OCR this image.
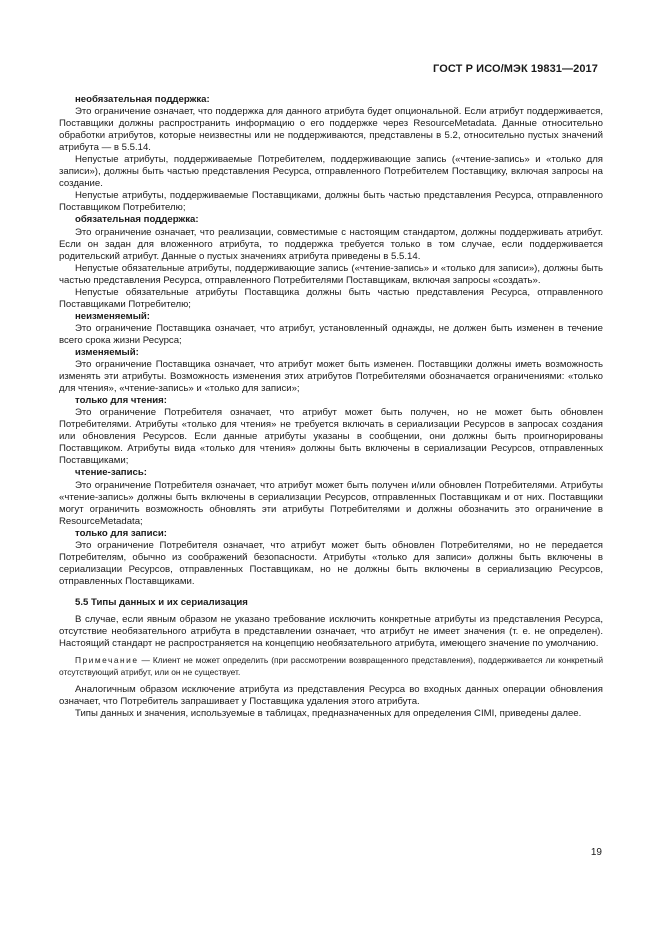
ГОСТ Р ИСО/МЭК 19831—2017

необязательная поддержка:

Это ограничение означает, что поддержка для данного атрибута будет опциональной. Если атрибут поддерживается, Поставщики должны распространить информацию о его поддержке через ResourceMetadata. Данные относительно обработки атрибутов, которые неизвестны или не поддерживаются, представлены в 5.2, относительно пустых значений атрибута — в 5.5.14.

Непустые атрибуты, поддерживаемые Потребителем, поддерживающие запись («чтение-запись» и «только для записи»), должны быть частью представления Ресурса, отправленного Потребителем Поставщику, включая запросы на создание.

Непустые атрибуты, поддерживаемые Поставщиками, должны быть частью представления Ресурса, отправленного Поставщиком Потребителю;

обязательная поддержка:

Это ограничение означает, что реализации, совместимые с настоящим стандартом, должны поддерживать атрибут. Если он задан для вложенного атрибута, то поддержка требуется только в том случае, если поддерживается родительский атрибут. Данные о пустых значениях атрибута приведены в 5.5.14.

Непустые обязательные атрибуты, поддерживающие запись («чтение-запись» и «только для записи»), должны быть частью представления Ресурса, отправленного Потребителями Поставщикам, включая запросы «создать».

Непустые обязательные атрибуты Поставщика должны быть частью представления Ресурса, отправленного Поставщиками Потребителю;

неизменяемый:

Это ограничение Поставщика означает, что атрибут, установленный однажды, не должен быть изменен в течение всего срока жизни Ресурса;

изменяемый:

Это ограничение Поставщика означает, что атрибут может быть изменен. Поставщики должны иметь возможность изменять эти атрибуты. Возможность изменения этих атрибутов Потребителями обозначается ограничениями: «только для чтения», «чтение-запись» и «только для записи»;

только для чтения:

Это ограничение Потребителя означает, что атрибут может быть получен, но не может быть обновлен Потребителями. Атрибуты «только для чтения» не требуется включать в сериализации Ресурсов в запросах создания или обновления Ресурсов. Если данные атрибуты указаны в сообщении, они должны быть проигнорированы Поставщиком. Атрибуты вида «только для чтения» должны быть включены в сериализации Ресурсов, отправленных Поставщиками;

чтение-запись:

Это ограничение Потребителя означает, что атрибут может быть получен и/или обновлен Потребителями. Атрибуты «чтение-запись» должны быть включены в сериализации Ресурсов, отправленных Поставщикам и от них. Поставщики могут ограничить возможность обновлять эти атрибуты Потребителями и должны обозначить это ограничение в ResourceMetadata;

только для записи:

Это ограничение Потребителя означает, что атрибут может быть обновлен Потребителями, но не передается Потребителям, обычно из соображений безопасности. Атрибуты «только для записи» должны быть включены в сериализации Ресурсов, отправленных Поставщикам, но не должны быть включены в сериализацию Ресурсов, отправленных Поставщиками.

5.5 Типы данных и их сериализация

В случае, если явным образом не указано требование исключить конкретные атрибуты из представления Ресурса, отсутствие необязательного атрибута в представлении означает, что атрибут не имеет значения (т. е. не определен). Настоящий стандарт не распространяется на концепцию необязательного атрибута, имеющего значение по умолчанию.

Примечание — Клиент не может определить (при рассмотрении возвращенного представления), поддерживается ли конкретный отсутствующий атрибут, или он не существует.

Аналогичным образом исключение атрибута из представления Ресурса во входных данных операции обновления означает, что Потребитель запрашивает у Поставщика удаления этого атрибута.

Типы данных и значения, используемые в таблицах, предназначенных для определения CIMI, приведены далее.

19
